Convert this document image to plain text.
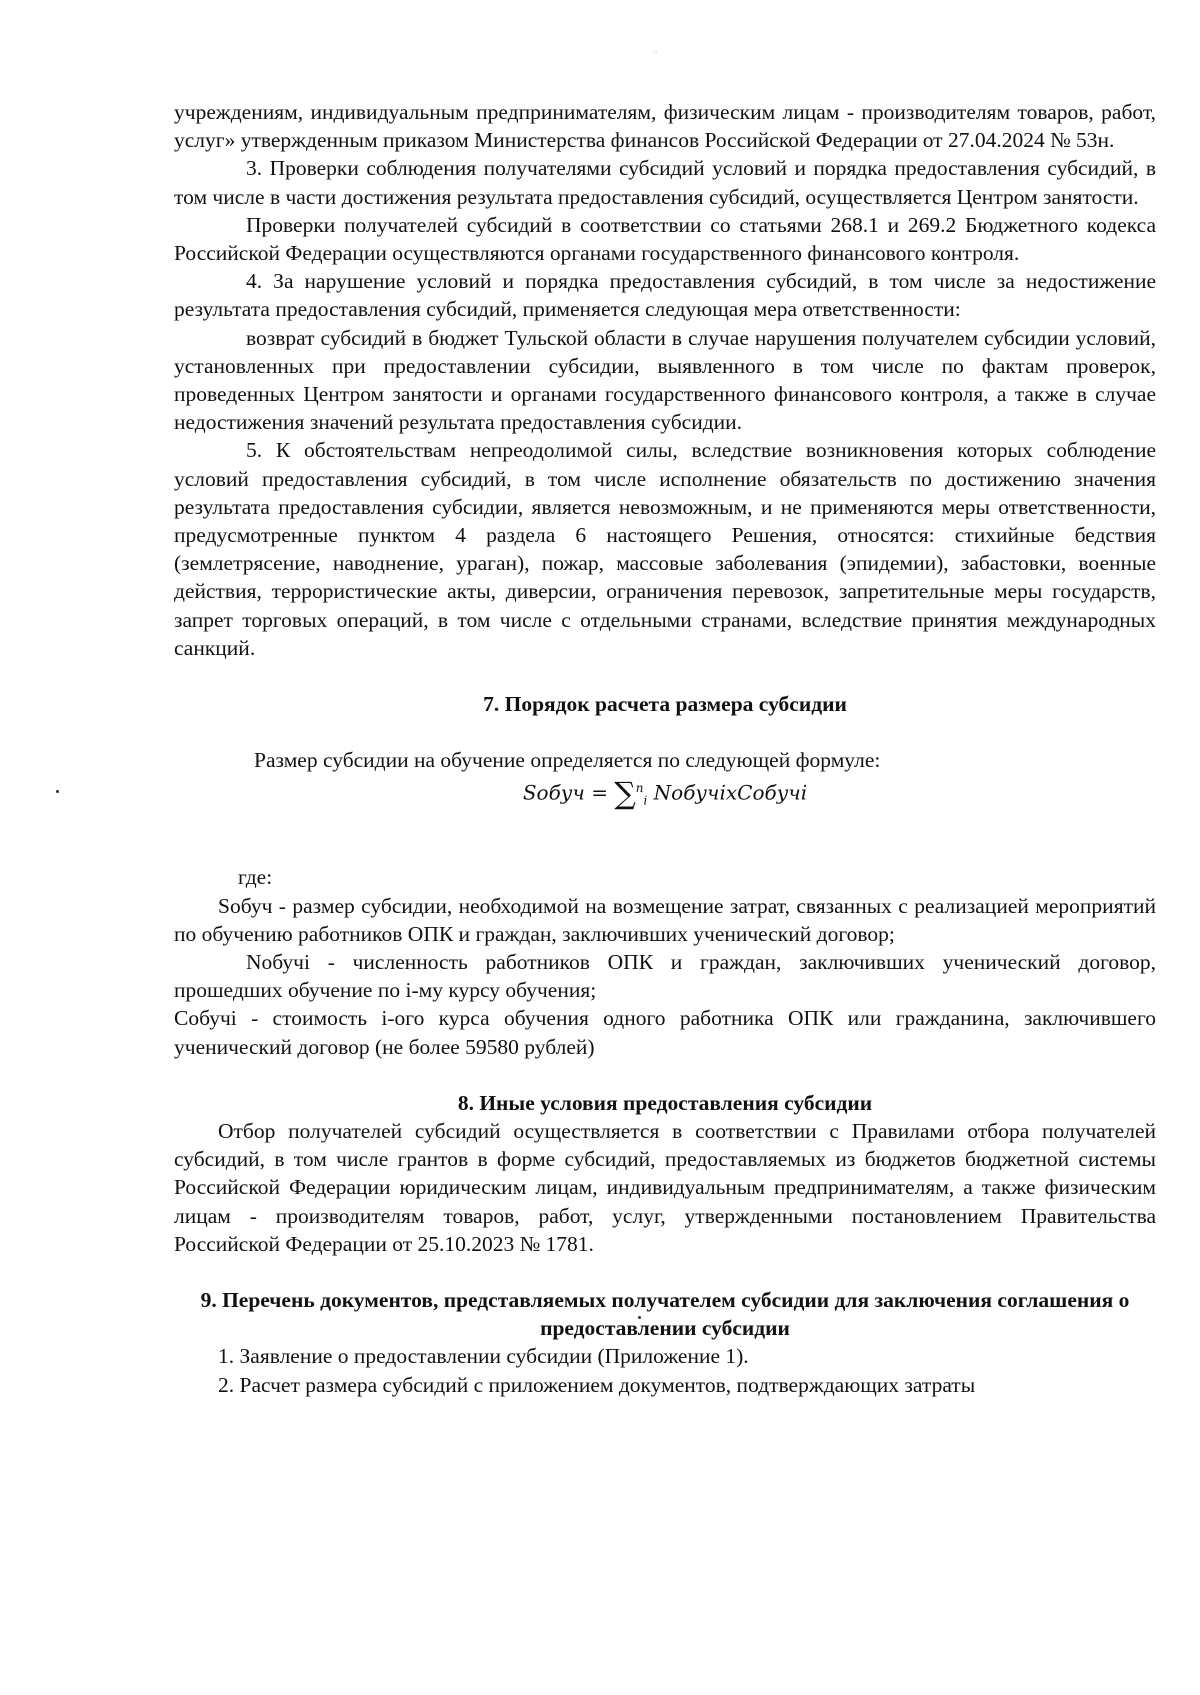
◦

учреждениям, индивидуальным предпринимателям, физическим лицам - производителям товаров, работ, услуг» утвержденным приказом Министерства финансов Российской Федерации от 27.04.2024 № 53н.

3. Проверки соблюдения получателями субсидий условий и порядка предоставления субсидий, в том числе в части достижения результата предоставления субсидий, осуществляется Центром занятости.

Проверки получателей субсидий в соответствии со статьями 268.1 и 269.2 Бюджетного кодекса Российской Федерации осуществляются органами государственного финансового контроля.

4. За нарушение условий и порядка предоставления субсидий, в том числе за недостижение результата предоставления субсидий, применяется следующая мера ответственности:

возврат субсидий в бюджет Тульской области в случае нарушения получателем субсидии условий, установленных при предоставлении субсидии, выявленного в том числе по фактам проверок, проведенных Центром занятости и органами государственного финансового контроля, а также в случае недостижения значений результата предоставления субсидии.

5. К обстоятельствам непреодолимой силы, вследствие возникновения которых соблюдение условий предоставления субсидий, в том числе исполнение обязательств по достижению значения результата предоставления субсидии, является невозможным, и не применяются меры ответственности, предусмотренные пунктом 4 раздела 6 настоящего Решения, относятся: стихийные бедствия (землетрясение, наводнение, ураган), пожар, массовые заболевания (эпидемии), забастовки, военные действия, террористические акты, диверсии, ограничения перевозок, запретительные меры государств, запрет торговых операций, в том числе с отдельными странами, вследствие принятия международных санкций.

7. Порядок расчета размера субсидии

Размер субсидии на обучение определяется по следующей формуле:

Sобуч = ∑$^n_i$ NобучixCобучi

где:

Sобуч - размер субсидии, необходимой на возмещение затрат, связанных с реализацией мероприятий по обучению работников ОПК и граждан, заключивших ученический договор;

Nобучi - численность работников ОПК и граждан, заключивших ученический договор, прошедших обучение по i-му курсу обучения;

Собучi - стоимость i-ого курса обучения одного работника ОПК или гражданина, заключившего ученический договор (не более 59580 рублей)

8. Иные условия предоставления субсидии

Отбор получателей субсидий осуществляется в соответствии с Правилами отбора получателей субсидий, в том числе грантов в форме субсидий, предоставляемых из бюджетов бюджетной системы Российской Федерации юридическим лицам, индивидуальным предпринимателям, а также физическим лицам - производителям товаров, работ, услуг, утвержденными постановлением Правительства Российской Федерации от 25.10.2023 № 1781.

9. Перечень документов, представляемых получателем субсидии для заключения соглашения о предоставлении субсидии

1. Заявление о предоставлении субсидии (Приложение 1).

2. Расчет размера субсидий с приложением документов, подтверждающих затраты
